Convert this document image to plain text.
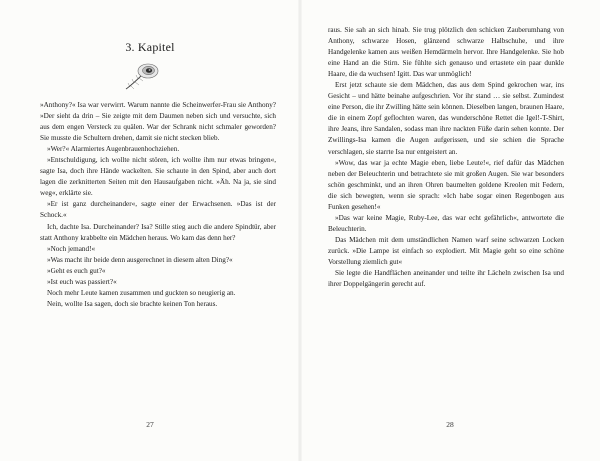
3. Kapitel

»Anthony?« Isa war verwirrt. Warum nannte die Scheinwerfer-Frau sie Anthony? »Der sieht da drin – Sie zeigte mit dem Daumen neben sich und versuchte, sich aus dem engen Versteck zu quälen. War der Schrank nicht schmaler geworden? Sie musste die Schultern drehen, damit sie nicht stecken blieb.

»Wer?« Alarmiertes Augenbrauenhochziehen.

»Entschuldigung, ich wollte nicht stören, ich wollte ihm nur etwas bringen«, sagte Isa, doch ihre Hände wackelten. Sie schaute in den Spind, aber auch dort lagen die zerknitterten Seiten mit den Hausaufgaben nicht. »Äh. Na ja, sie sind weg«, erklärte sie.

»Er ist ganz durcheinander«, sagte einer der Erwachsenen. »Das ist der Schock.«

Ich, dachte Isa. Durcheinander? Isa? Stille stieg auch die andere Spindtür, aber statt Anthony krabbelte ein Mädchen heraus. Wo kam das denn her?

»Noch jemand!«

»Was macht ihr beide denn ausgerechnet in diesem alten Ding?«

»Geht es euch gut?«

»Ist euch was passiert?«

Noch mehr Leute kamen zusammen und guckten so neugierig an.

Nein, wollte Isa sagen, doch sie brachte keinen Ton heraus.

27

raus. Sie sah an sich hinab. Sie trug plötzlich den schicken Zauberumhang von Anthony, schwarze Hosen, glänzend schwarze Halbschuhe, und ihre Handgelenke kamen aus weißen Hemdärmeln hervor. Ihre Handgelenke. Sie hob eine Hand an die Stirn. Sie fühlte sich genauso und ertastete ein paar dunkle Haare, die da wuchsen! Igitt. Das war unmöglich!

Erst jetzt schaute sie dem Mädchen, das aus dem Spind gekrochen war, ins Gesicht – und hätte beinahe aufgeschrien. Vor ihr stand … sie selbst. Zumindest eine Person, die ihr Zwilling hätte sein können. Dieselben langen, braunen Haare, die in einem Zopf geflochten waren, das wunderschöne Rettet die Igel!-T-Shirt, ihre Jeans, ihre Sandalen, sodass man ihre nackten Füße darin sehen konnte. Der Zwillings-Isa kamen die Augen aufgerissen, und sie schien die Sprache verschlagen, sie starrte Isa nur entgeistert an.

»Wow, das war ja echte Magie eben, liebe Leute!«, rief dafür das Mädchen neben der Beleuchterin und betrachtete sie mit großen Augen. Sie war besonders schön geschminkt, und an ihren Ohren baumelten goldene Kreolen mit Federn, die sich bewegten, wenn sie sprach: »Ich habe sogar einen Regenbogen aus Funken gesehen!«

»Das war keine Magie, Ruby-Lee, das war echt gefährlich«, antwortete die Beleuchterin.

Das Mädchen mit dem umständlichen Namen warf seine schwarzen Locken zurück. »Die Lampe ist einfach so explodiert. Mit Magie geht so eine schöne Vorstellung ziemlich gut«

Sie legte die Handflächen aneinander und teilte ihr Lächeln zwischen Isa und ihrer Doppelgängerin gerecht auf.

28
